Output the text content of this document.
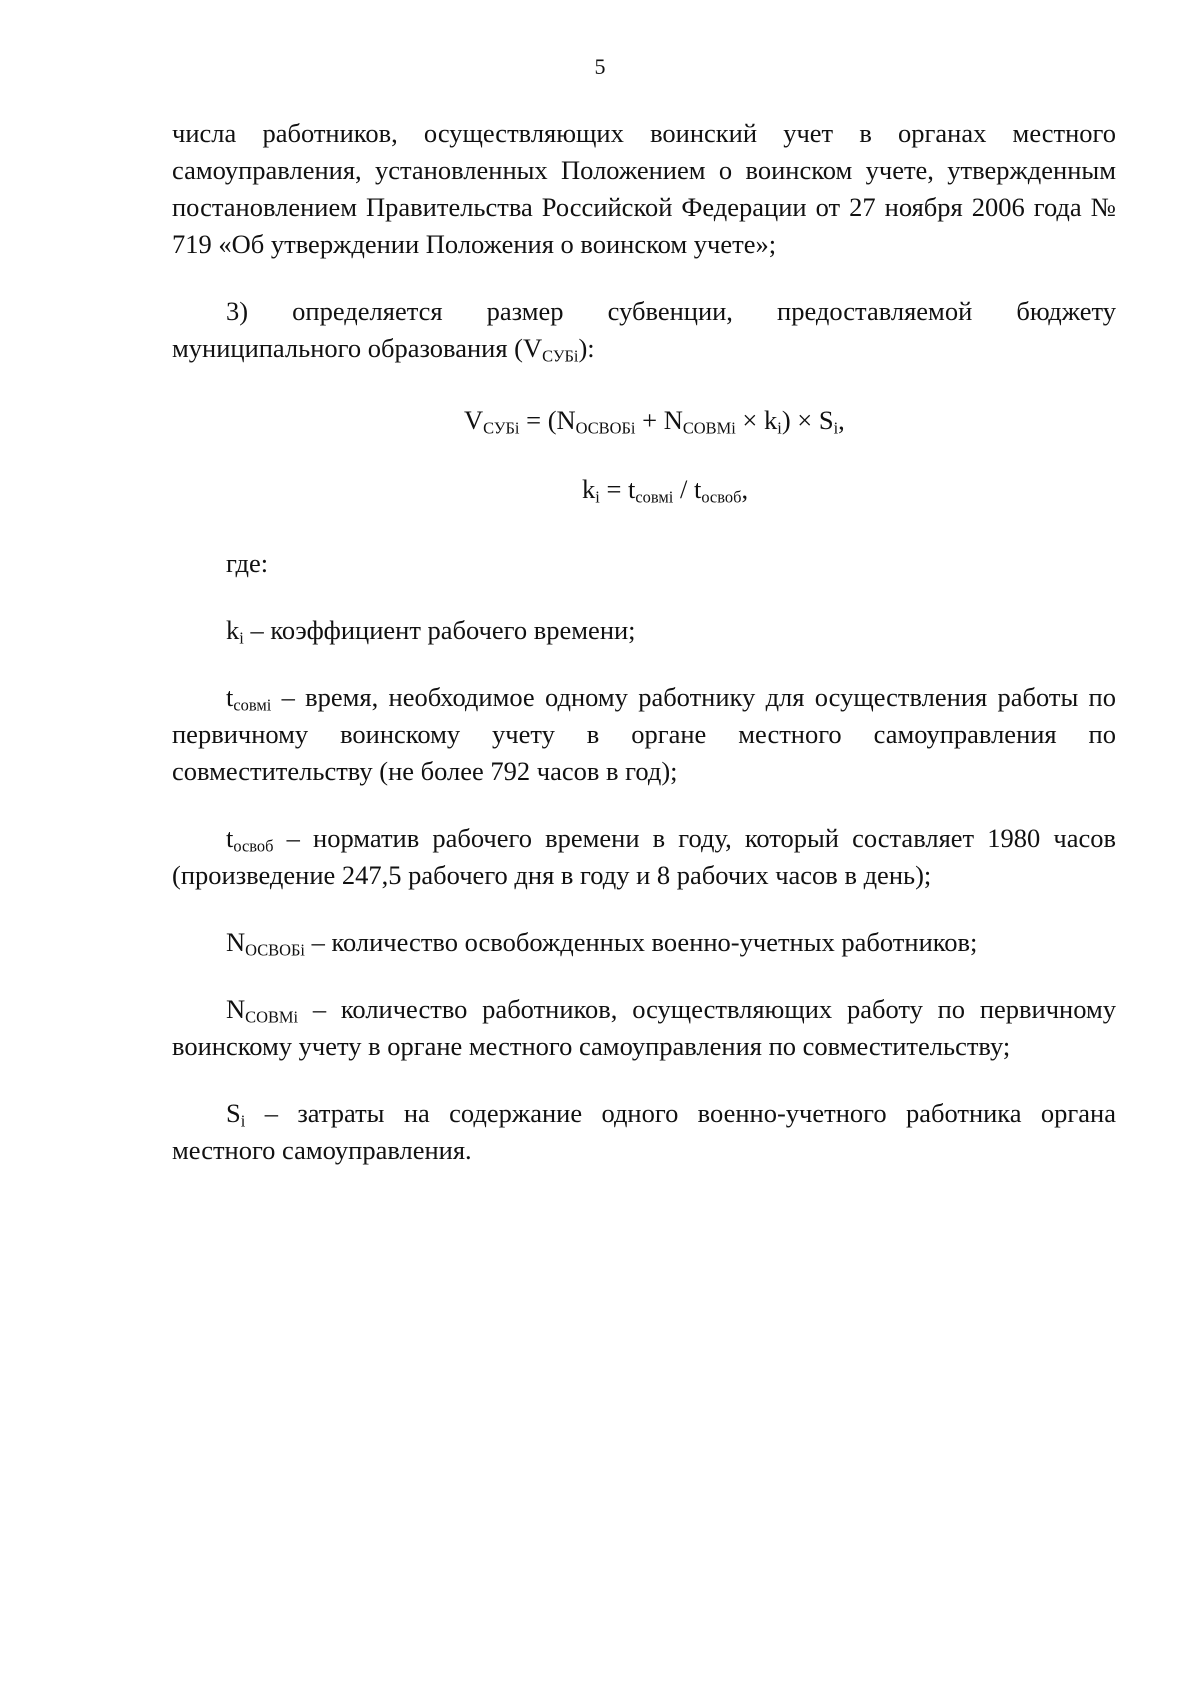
5

числа работников, осуществляющих воинский учет в органах местного самоуправления, установленных Положением о воинском учете, утвержденным постановлением Правительства Российской Федерации от 27 ноября 2006 года № 719 «Об утверждении Положения о воинском учете»;

3) определяется размер субвенции, предоставляемой бюджету муниципального образования $(V_{СУБi})$:

$V_{СУБi} = (N_{ОСВОБi} + N_{СОВМi} \times k_i) \times S_i$,

$k_i = t_{совмi} / t_{освоб}$,

где:

$k_i$ – коэффициент рабочего времени;

$t_{совмi}$ – время, необходимое одному работнику для осуществления работы по первичному воинскому учету в органе местного самоуправления по совместительству (не более 792 часов в год);

$t_{освоб}$ – норматив рабочего времени в году, который составляет 1980 часов (произведение 247,5 рабочего дня в году и 8 рабочих часов в день);

$N_{ОСВОБi}$ – количество освобожденных военно-учетных работников;

$N_{СОВМi}$ – количество работников, осуществляющих работу по первичному воинскому учету в органе местного самоуправления по совместительству;

$S_i$ – затраты на содержание одного военно-учетного работника органа местного самоуправления.
